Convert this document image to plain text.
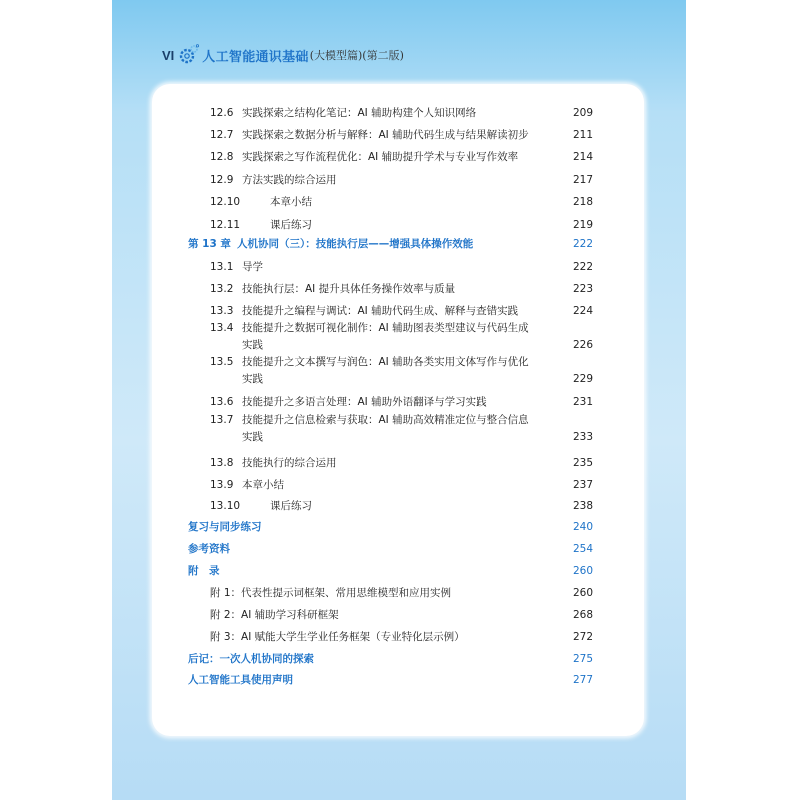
VI 人工智能通识基础 (大模型篇)(第二版)
12.6 实践探索之结构化笔记：AI 辅助构建个人知识网络	209
12.7 实践探索之数据分析与解释：AI 辅助代码生成与结果解读初步	211
12.8 实践探索之写作流程优化：AI 辅助提升学术与专业写作效率	214
12.9 方法实践的综合运用	217
12.10	本章小结	218
12.11	课后练习	219
第 13 章 人机协同（三）：技能执行层——增强具体操作效能	222
13.1 导学	222
13.2 技能执行层：AI 提升具体任务操作效率与质量	223
13.3 技能提升之编程与调试：AI 辅助代码生成、解释与查错实践	224
13.4 技能提升之数据可视化制作：AI 辅助图表类型建议与代码生成
实践	226
13.5 技能提升之文本撰写与润色：AI 辅助各类实用文体写作与优化
实践	229
13.6 技能提升之多语言处理：AI 辅助外语翻译与学习实践	231
13.7 技能提升之信息检索与获取：AI 辅助高效精准定位与整合信息
实践	233
13.8 技能执行的综合运用	235
13.9 本章小结	237
13.10	课后练习	238
复习与同步练习	240
参考资料	254
附　录	260
附 1：代表性提示词框架、常用思维模型和应用实例	260
附 2：AI 辅助学习科研框架	268
附 3：AI 赋能大学生学业任务框架（专业特化层示例）	272
后记：一次人机协同的探索	275
人工智能工具使用声明	277
